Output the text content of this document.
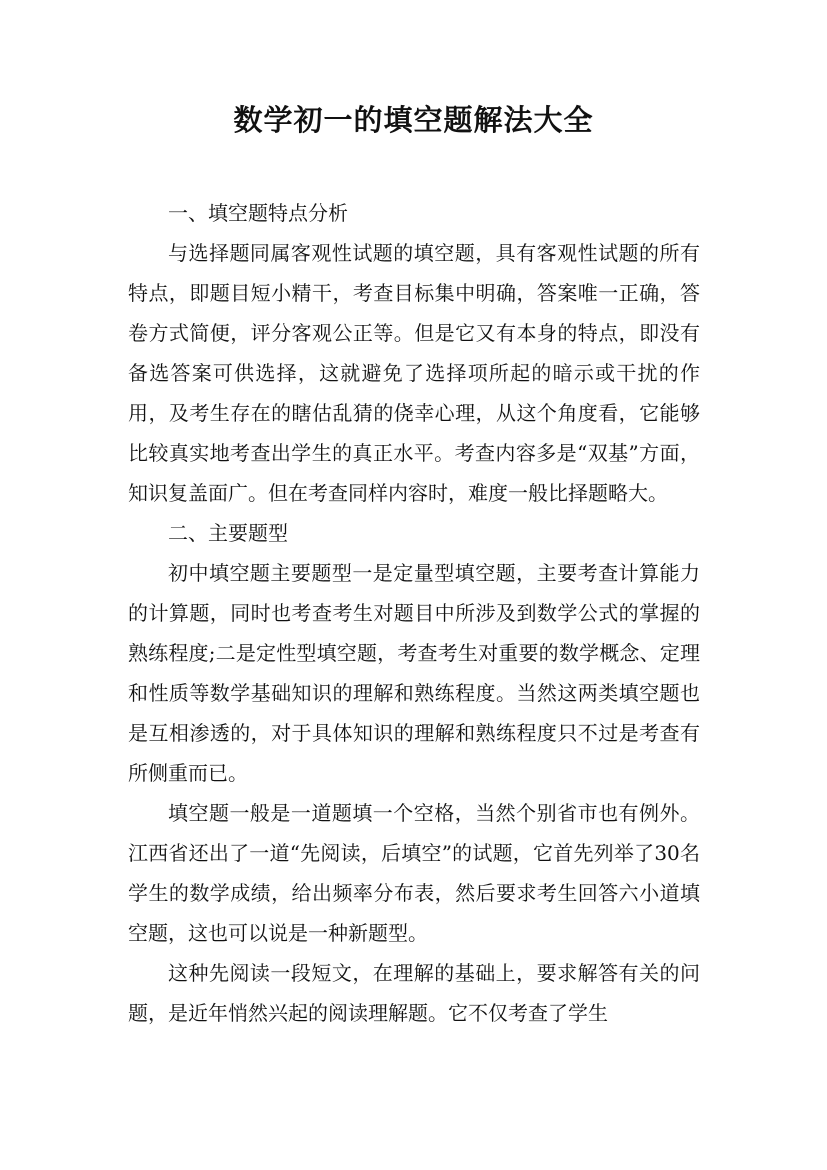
数学初一的填空题解法大全

一、填空题特点分析

与选择题同属客观性试题的填空题，具有客观性试题的所有特点，即题目短小精干，考查目标集中明确，答案唯一正确，答卷方式简便，评分客观公正等。但是它又有本身的特点，即没有备选答案可供选择，这就避免了选择项所起的暗示或干扰的作用，及考生存在的瞎估乱猜的侥幸心理，从这个角度看，它能够比较真实地考查出学生的真正水平。考查内容多是“双基”方面，知识复盖面广。但在考查同样内容时，难度一般比择题略大。

二、主要题型

初中填空题主要题型一是定量型填空题，主要考查计算能力的计算题，同时也考查考生对题目中所涉及到数学公式的掌握的熟练程度;二是定性型填空题，考查考生对重要的数学概念、定理和性质等数学基础知识的理解和熟练程度。当然这两类填空题也是互相渗透的，对于具体知识的理解和熟练程度只不过是考查有所侧重而已。

填空题一般是一道题填一个空格，当然个别省市也有例外。江西省还出了一道“先阅读，后填空”的试题，它首先列举了30名学生的数学成绩，给出频率分布表，然后要求考生回答六小道填空题，这也可以说是一种新题型。

这种先阅读一段短文，在理解的基础上，要求解答有关的问题，是近年悄然兴起的阅读理解题。它不仅考查了学生
